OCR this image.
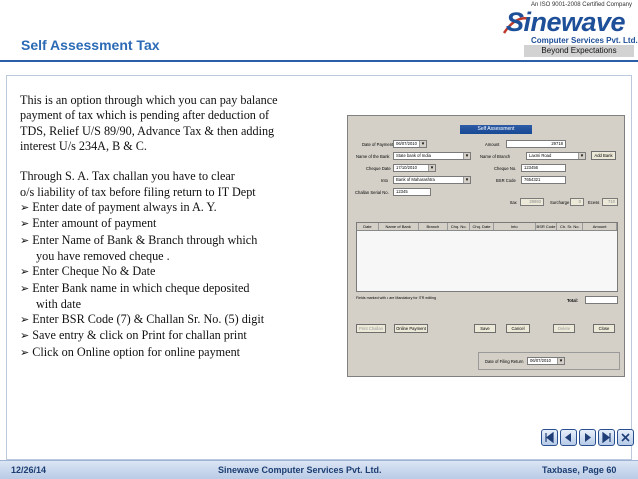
An ISO 9001-2008 Certified Company
Sinewave
Computer Services Pvt. Ltd.
Beyond Expectations
Self Assessment Tax
This is an option through which you can pay balance
payment of tax which is pending after deduction of
TDS, Relief U/S 89/90, Advance Tax & then adding
interest U/s 234A, B & C.
Through S. A. Tax challan you have to clear
o/s liability of tax before filing return to IT Dept
➢ Enter date of payment always in A. Y.
➢ Enter amount of payment
➢ Enter Name of Bank & Branch through which
you have removed cheque .
➢ Enter Cheque No & Date
➢ Enter Bank name in which cheque deposited
with date
➢ Enter BSR Code (7) & Challan Sr. No. (5) digit
➢ Save entry & click on Print for challan print
➢ Click on Online option for online payment
Self Assessment
Date of Payment 06/07/2010 ▾	Amount	29718
Name of the Bank	State bank of India ▾	Name of Branch	Laxmi Road ▾	Add Bank
Cheque Date	17/10/2010 ▾	Cheque No.	123456
Into	Bank of Maharashtra ▾	BSR Code	7654321
Challan Serial No.	12345
Itax	29993	Surcharge	0	Ecess	710
Date	Name of Bank	Branch	Chq. No.	Chq. Date	Into	BSR Code	Ch. Sr. No.	Amount
Fields marked with • are Mandatory for ITR editing	Total:
Print Challan	Online Payment	Save	Cancel	Delete	Close
Date of Filing Return	06/07/2010 ▾
12/26/14	Sinewave Computer Services Pvt. Ltd.	Taxbase, Page 60
